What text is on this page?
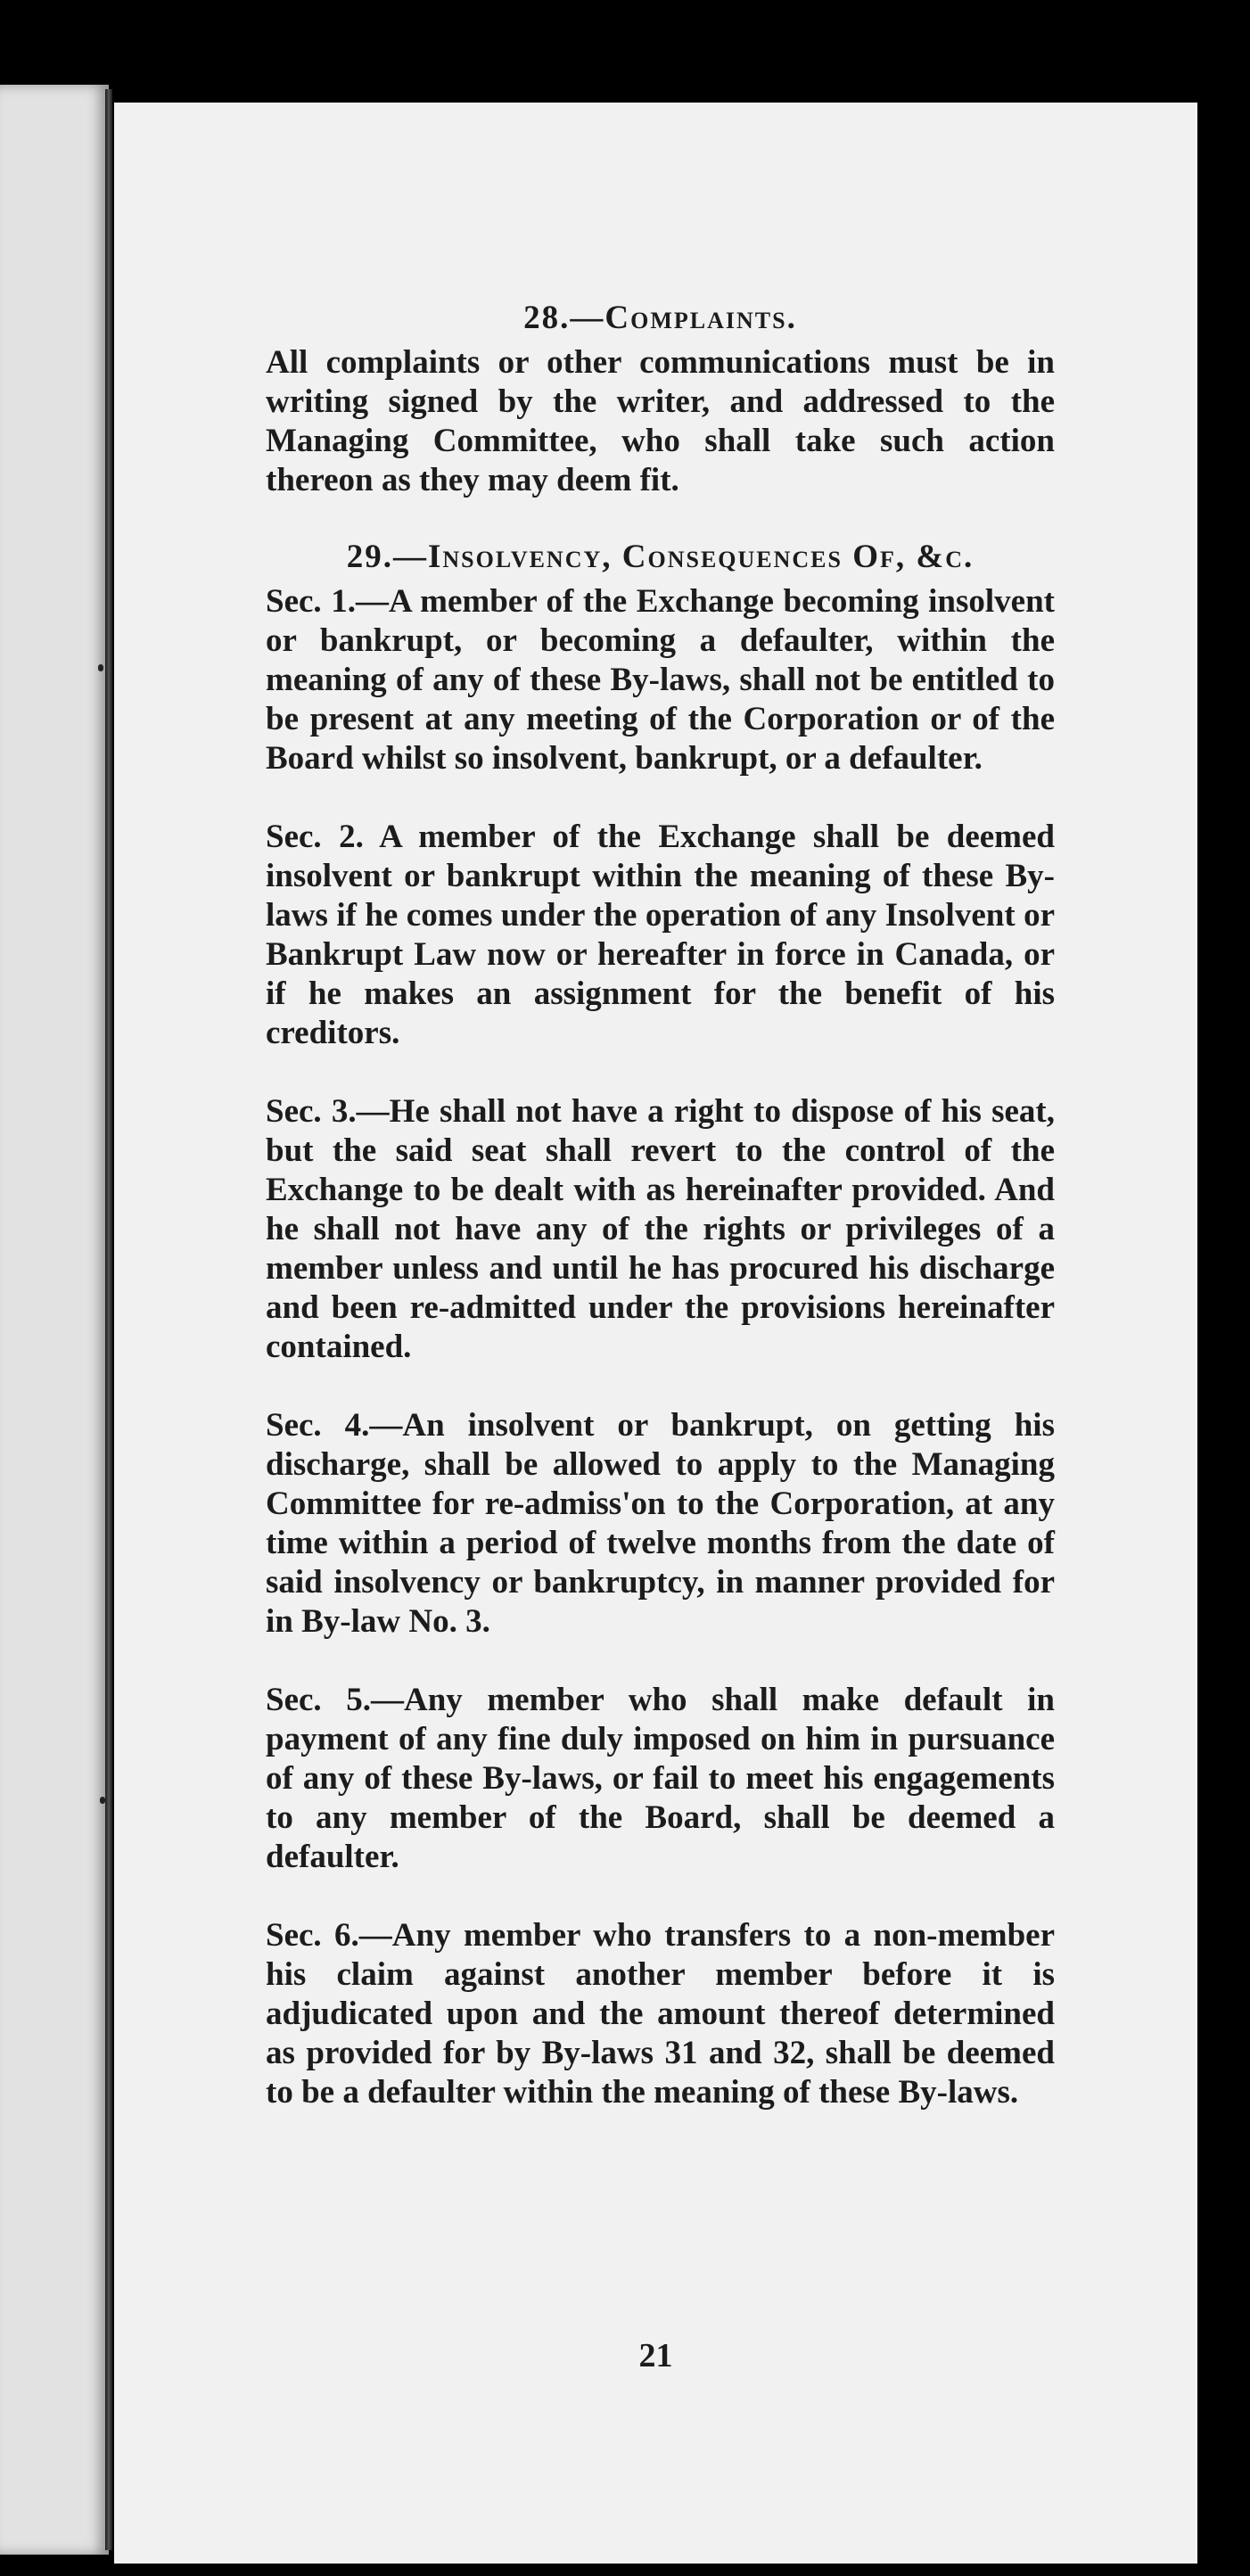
28.—Complaints.

All complaints or other communications must be in writing signed by the writer, and addressed to the Managing Committee, who shall take such action thereon as they may deem fit.

29.—Insolvency, Consequences Of, &c.

Sec. 1.—A member of the Exchange becoming insolvent or bankrupt, or becoming a defaulter, within the meaning of any of these By-laws, shall not be entitled to be present at any meeting of the Corporation or of the Board whilst so insolvent, bankrupt, or a defaulter.

Sec. 2. A member of the Exchange shall be deemed insolvent or bankrupt within the meaning of these By-laws if he comes under the operation of any Insolvent or Bankrupt Law now or hereafter in force in Canada, or if he makes an assignment for the benefit of his creditors.

Sec. 3.—He shall not have a right to dispose of his seat, but the said seat shall revert to the control of the Exchange to be dealt with as hereinafter provided. And he shall not have any of the rights or privileges of a member unless and until he has procured his discharge and been re-admitted under the provisions hereinafter contained.

Sec. 4.—An insolvent or bankrupt, on getting his discharge, shall be allowed to apply to the Managing Committee for re-admiss'on to the Corporation, at any time within a period of twelve months from the date of said insolvency or bankruptcy, in manner provided for in By-law No. 3.

Sec. 5.—Any member who shall make default in payment of any fine duly imposed on him in pursuance of any of these By-laws, or fail to meet his engagements to any member of the Board, shall be deemed a defaulter.

Sec. 6.—Any member who transfers to a non-member his claim against another member before it is adjudicated upon and the amount thereof determined as provided for by By-laws 31 and 32, shall be deemed to be a defaulter within the meaning of these By-laws.

21
